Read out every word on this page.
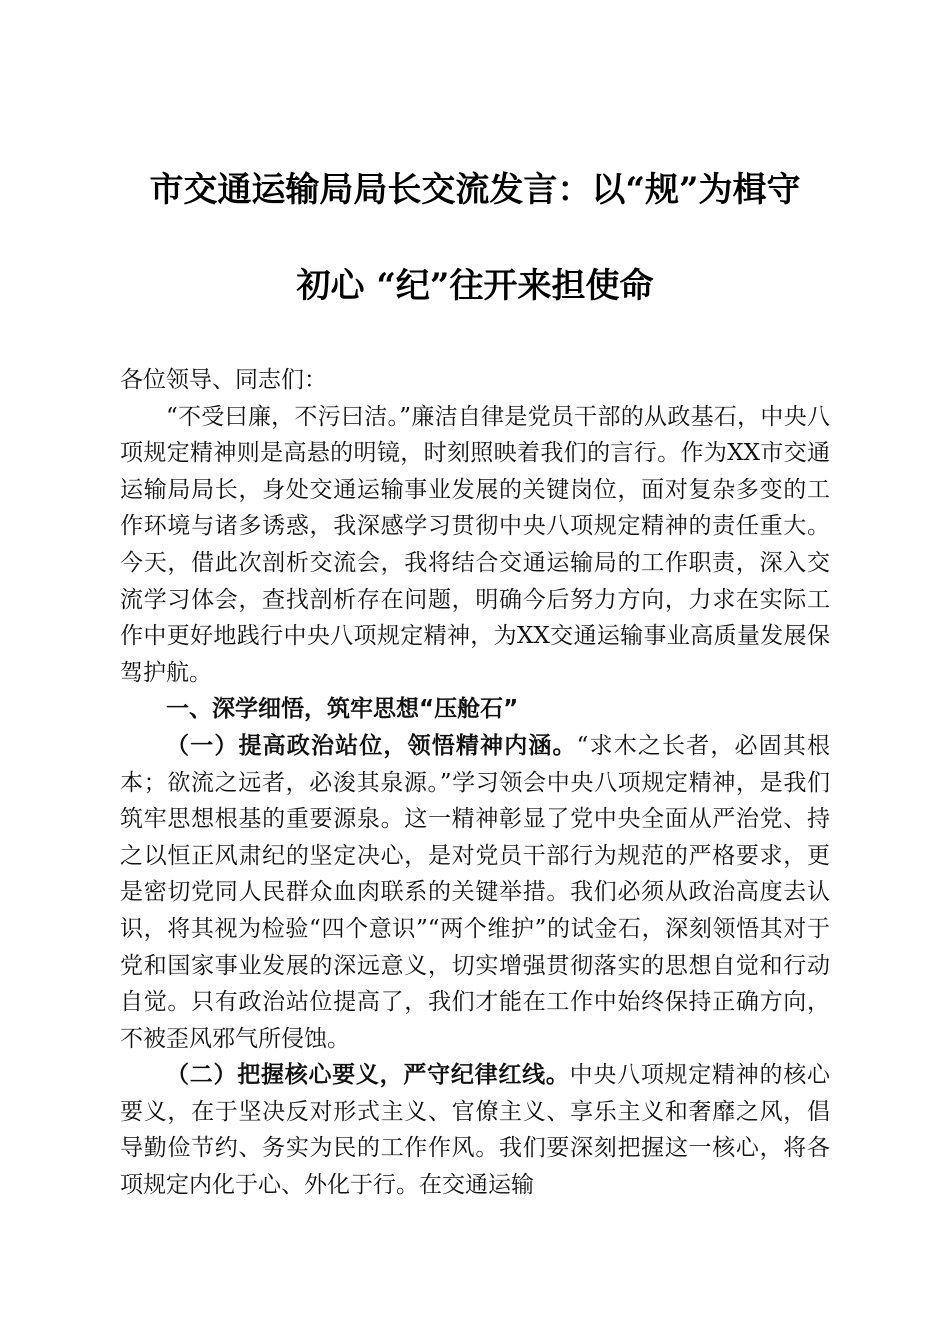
市交通运输局局长交流发言：以“规”为楫守
初心 “纪”往开来担使命

各位领导、同志们：

“不受曰廉，不污曰洁。”廉洁自律是党员干部的从政基石，中央八项规定精神则是高悬的明镜，时刻照映着我们的言行。作为XX市交通运输局局长，身处交通运输事业发展的关键岗位，面对复杂多变的工作环境与诸多诱惑，我深感学习贯彻中央八项规定精神的责任重大。今天，借此次剖析交流会，我将结合交通运输局的工作职责，深入交流学习体会，查找剖析存在问题，明确今后努力方向，力求在实际工作中更好地践行中央八项规定精神，为XX交通运输事业高质量发展保驾护航。

一、深学细悟，筑牢思想“压舱石”

（一）提高政治站位，领悟精神内涵。“求木之长者，必固其根本；欲流之远者，必浚其泉源。”学习领会中央八项规定精神，是我们筑牢思想根基的重要源泉。这一精神彰显了党中央全面从严治党、持之以恒正风肃纪的坚定决心，是对党员干部行为规范的严格要求，更是密切党同人民群众血肉联系的关键举措。我们必须从政治高度去认识，将其视为检验“四个意识”“两个维护”的试金石，深刻领悟其对于党和国家事业发展的深远意义，切实增强贯彻落实的思想自觉和行动自觉。只有政治站位提高了，我们才能在工作中始终保持正确方向，不被歪风邪气所侵蚀。

（二）把握核心要义，严守纪律红线。中央八项规定精神的核心要义，在于坚决反对形式主义、官僚主义、享乐主义和奢靡之风，倡导勤俭节约、务实为民的工作作风。我们要深刻把握这一核心，将各项规定内化于心、外化于行。在交通运输
